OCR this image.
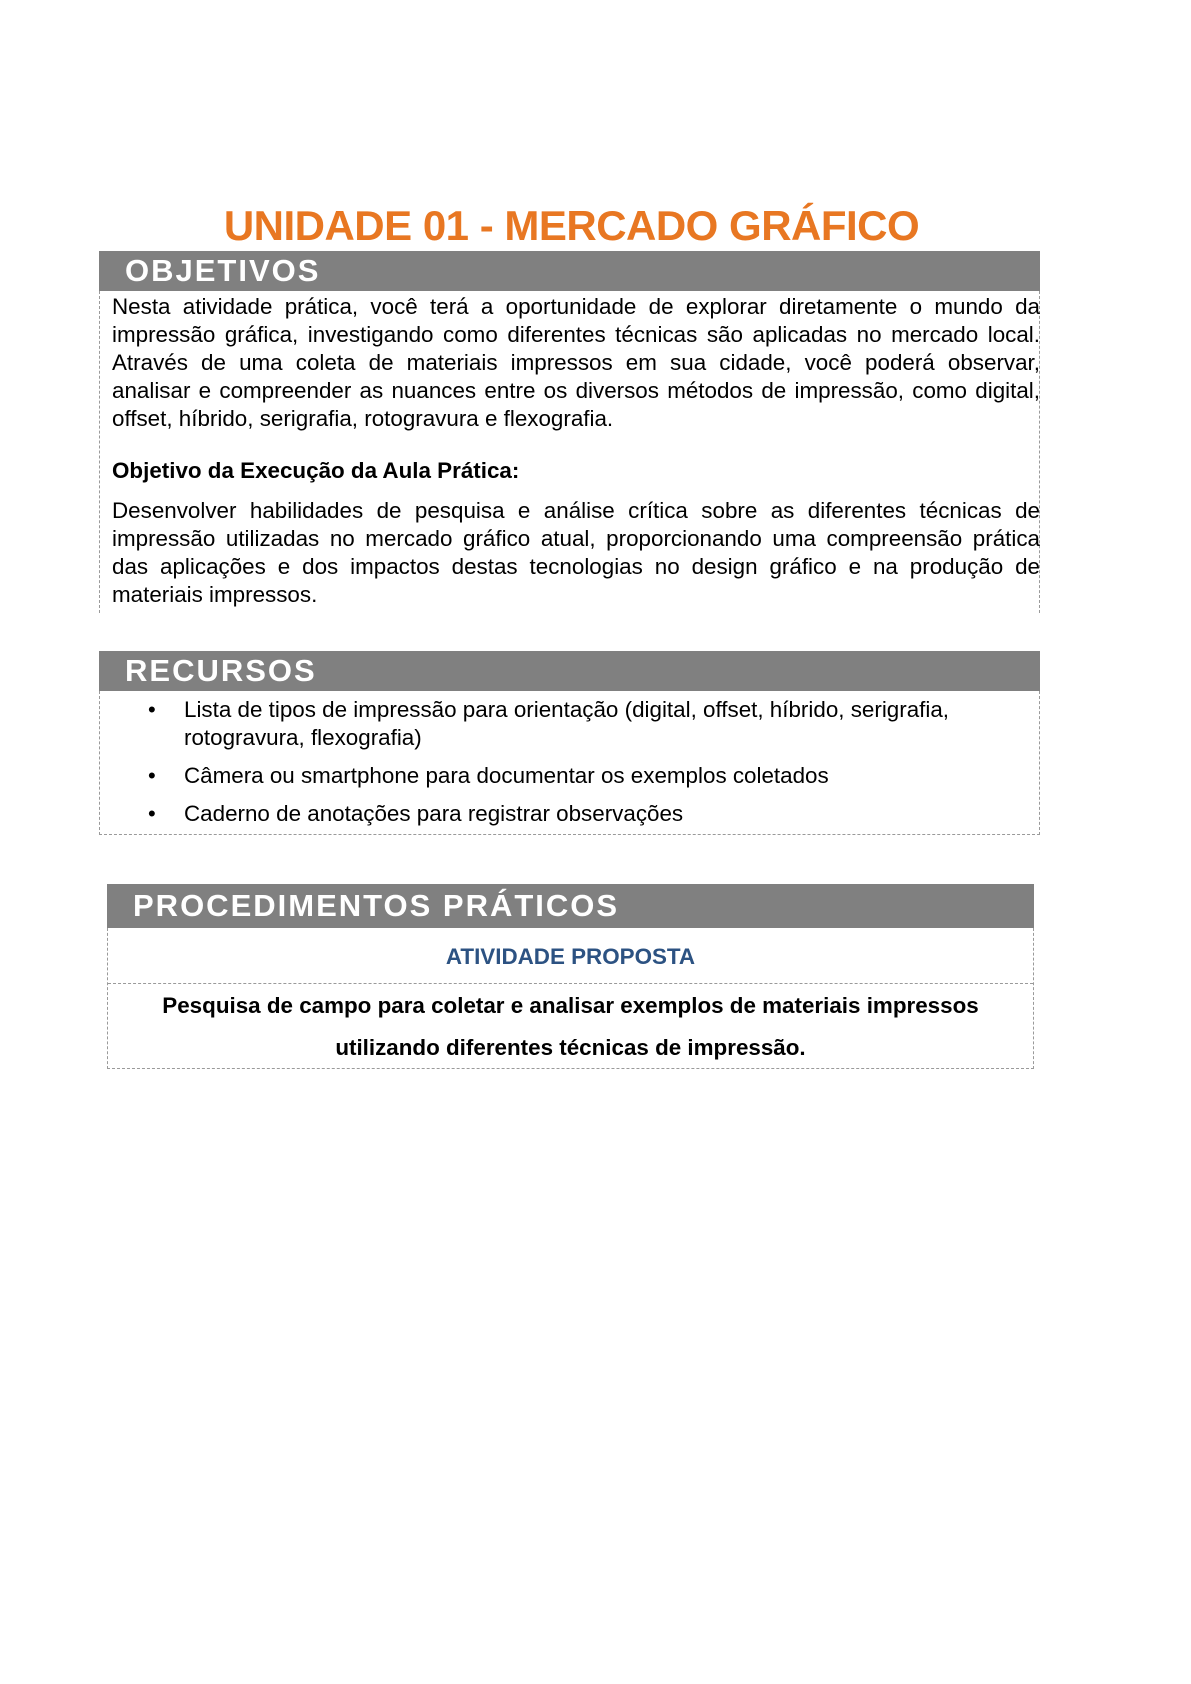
UNIDADE 01 - MERCADO GRÁFICO
OBJETIVOS

Nesta atividade prática, você terá a oportunidade de explorar diretamente o mundo da impressão gráfica, investigando como diferentes técnicas são aplicadas no mercado local. Através de uma coleta de materiais impressos em sua cidade, você poderá observar, analisar e compreender as nuances entre os diversos métodos de impressão, como digital, offset, híbrido, serigrafia, rotogravura e flexografia.

Objetivo da Execução da Aula Prática:

Desenvolver habilidades de pesquisa e análise crítica sobre as diferentes técnicas de impressão utilizadas no mercado gráfico atual, proporcionando uma compreensão prática das aplicações e dos impactos destas tecnologias no design gráfico e na produção de materiais impressos.

RECURSOS
• Lista de tipos de impressão para orientação (digital, offset, híbrido, serigrafia, rotogravura, flexografia)
• Câmera ou smartphone para documentar os exemplos coletados
• Caderno de anotações para registrar observações
PROCEDIMENTOS PRÁTICOS
ATIVIDADE PROPOSTA
Pesquisa de campo para coletar e analisar exemplos de materiais impressos utilizando diferentes técnicas de impressão.
